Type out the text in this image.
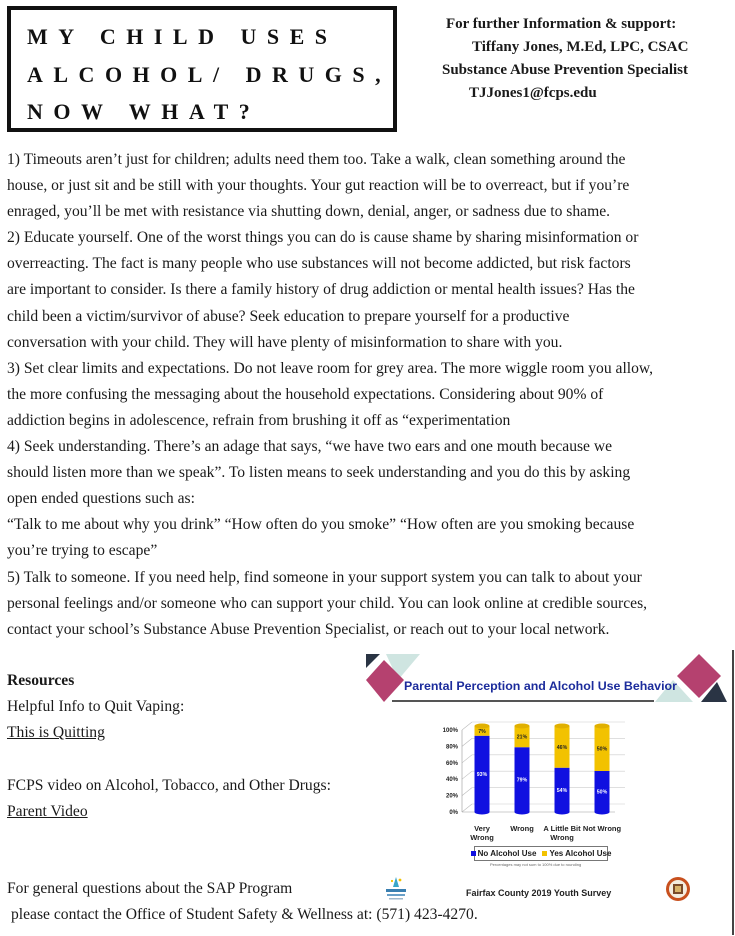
MY CHILD USES
ALCOHOL/ DRUGS,
NOW WHAT?
For further Information & support:
Tiffany Jones, M.Ed, LPC, CSAC
Substance Abuse Prevention Specialist
TJJones1@fcps.edu

1) Timeouts aren’t just for children; adults need them too. Take a walk, clean something around the

house, or just sit and be still with your thoughts. Your gut reaction will be to overreact, but if you’re

enraged, you’ll be met with resistance via shutting down, denial, anger, or sadness due to shame.

2) Educate yourself. One of the worst things you can do is cause shame by sharing misinformation or

overreacting. The fact is many people who use substances will not become addicted, but risk factors

are important to consider. Is there a family history of drug addiction or mental health issues? Has the

child been a victim/survivor of abuse? Seek education to prepare yourself for a productive

conversation with your child. They will have plenty of misinformation to share with you.

3) Set clear limits and expectations. Do not leave room for grey area. The more wiggle room you allow,

the more confusing the messaging about the household expectations. Considering about 90% of

addiction begins in adolescence, refrain from brushing it off as “experimentation

4) Seek understanding. There’s an adage that says, “we have two ears and one mouth because we

should listen more than we speak”. To listen means to seek understanding and you do this by asking

open ended questions such as:

“Talk to me about why you drink” “How often do you smoke” “How often are you smoking because

you’re trying to escape”

5) Talk to someone. If you need help, find someone in your support system you can talk to about your

personal feelings and/or someone who can support your child. You can look online at credible sources,

contact your school’s Substance Abuse Prevention Specialist, or reach out to your local network.

Resources
Helpful Info to Quit Vaping:
This is Quitting
FCPS video on Alcohol, Tobacco, and Other Drugs:
Parent Video
For general questions about the SAP Program
please contact the Office of Student Safety & Wellness at: (571) 423-4270.
Parental Perception and Alcohol Use Behavior
0%
20%
40%
60%
80%
100%
93%
7%
79%
21%
54%
46%
50%
50%
Very
Wrong
Wrong	A Little Bit
Wrong
Not Wrong
No Alcohol Use	Yes Alcohol Use
Percentages may not sum to 100% due to rounding
Fairfax County 2019 Youth Survey
